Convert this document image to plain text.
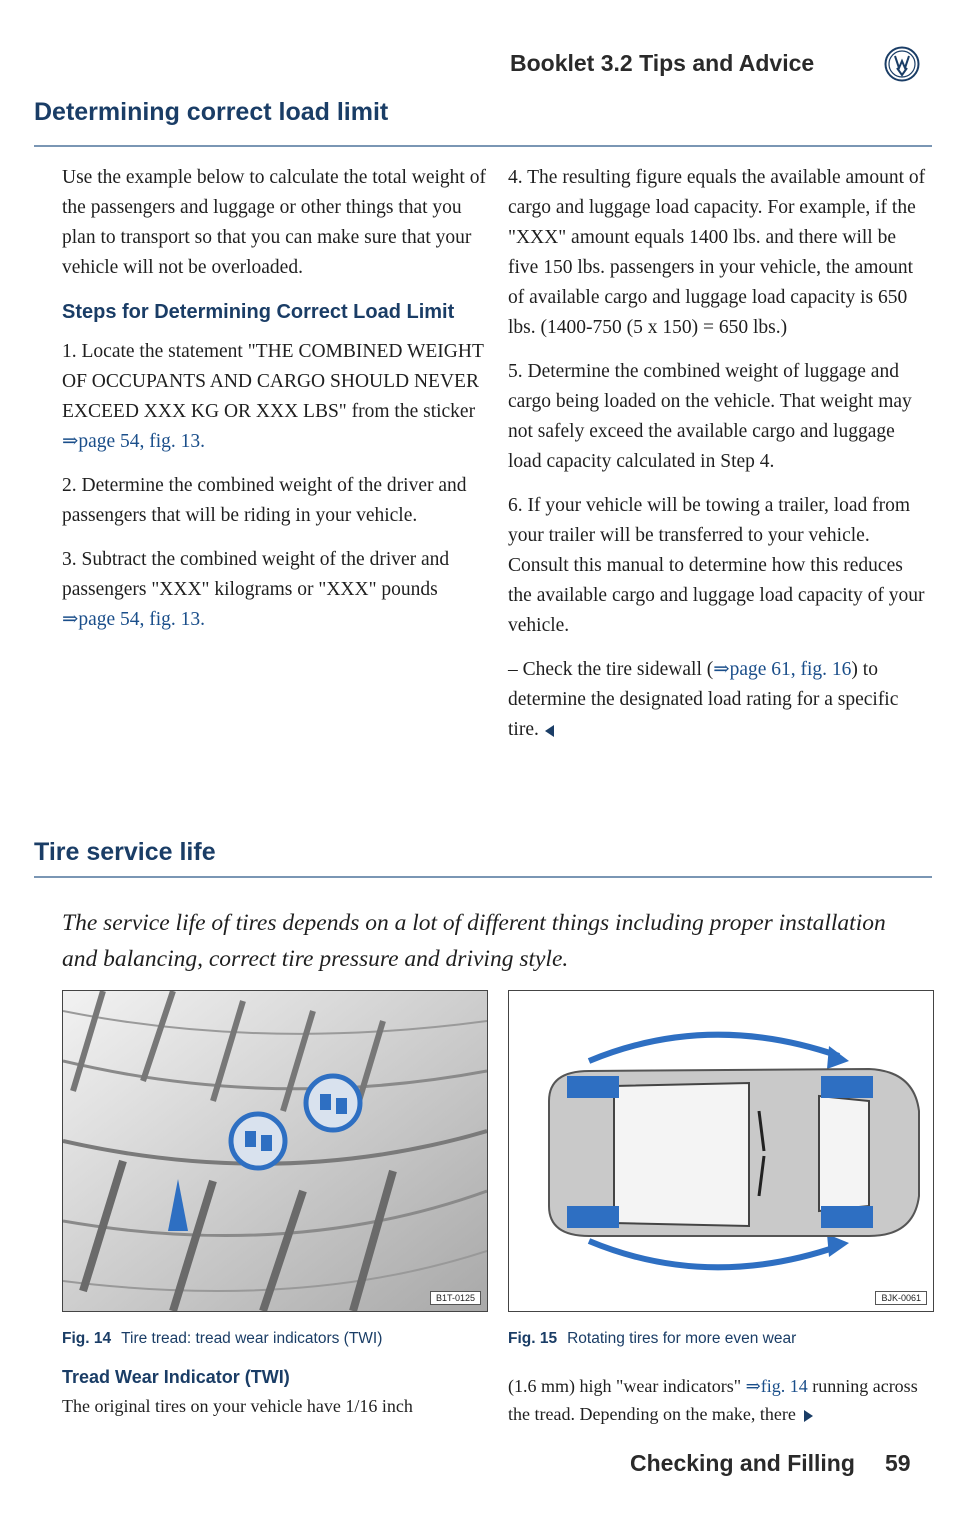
Booklet 3.2 Tips and Advice
Determining correct load limit

Use the example below to calculate the total weight of the passengers and luggage or other things that you plan to transport so that you can make sure that your vehicle will not be overloaded.

Steps for Determining Correct Load Limit

1. Locate the statement "THE COMBINED WEIGHT OF OCCUPANTS AND CARGO SHOULD NEVER EXCEED XXX KG OR XXX LBS" from the sticker ⇒page 54, fig. 13.

2. Determine the combined weight of the driver and passengers that will be riding in your vehicle.

3. Subtract the combined weight of the driver and passengers "XXX" kilograms or "XXX" pounds ⇒page 54, fig. 13.

4. The resulting figure equals the available amount of cargo and luggage load capacity. For example, if the "XXX" amount equals 1400 lbs. and there will be five 150 lbs. passengers in your vehicle, the amount of available cargo and luggage load capacity is 650 lbs. (1400-750 (5 x 150) = 650 lbs.)

5. Determine the combined weight of luggage and cargo being loaded on the vehicle. That weight may not safely exceed the available cargo and luggage load capacity calculated in Step 4.

6. If your vehicle will be towing a trailer, load from your trailer will be transferred to your vehicle. Consult this manual to determine how this reduces the available cargo and luggage load capacity of your vehicle.

– Check the tire sidewall (⇒page 61, fig. 16) to determine the designated load rating for a specific tire.

Tire service life
The service life of tires depends on a lot of different things including proper installation and balancing, correct tire pressure and driving style.
B1T-0125
Fig. 14 Tire tread: tread wear indicators (TWI)
BJK-0061
Fig. 15 Rotating tires for more even wear
Tread Wear Indicator (TWI)
The original tires on your vehicle have 1/16 inch
(1.6 mm) high "wear indicators" ⇒fig. 14 running across the tread. Depending on the make, there
Checking and Filling 59
